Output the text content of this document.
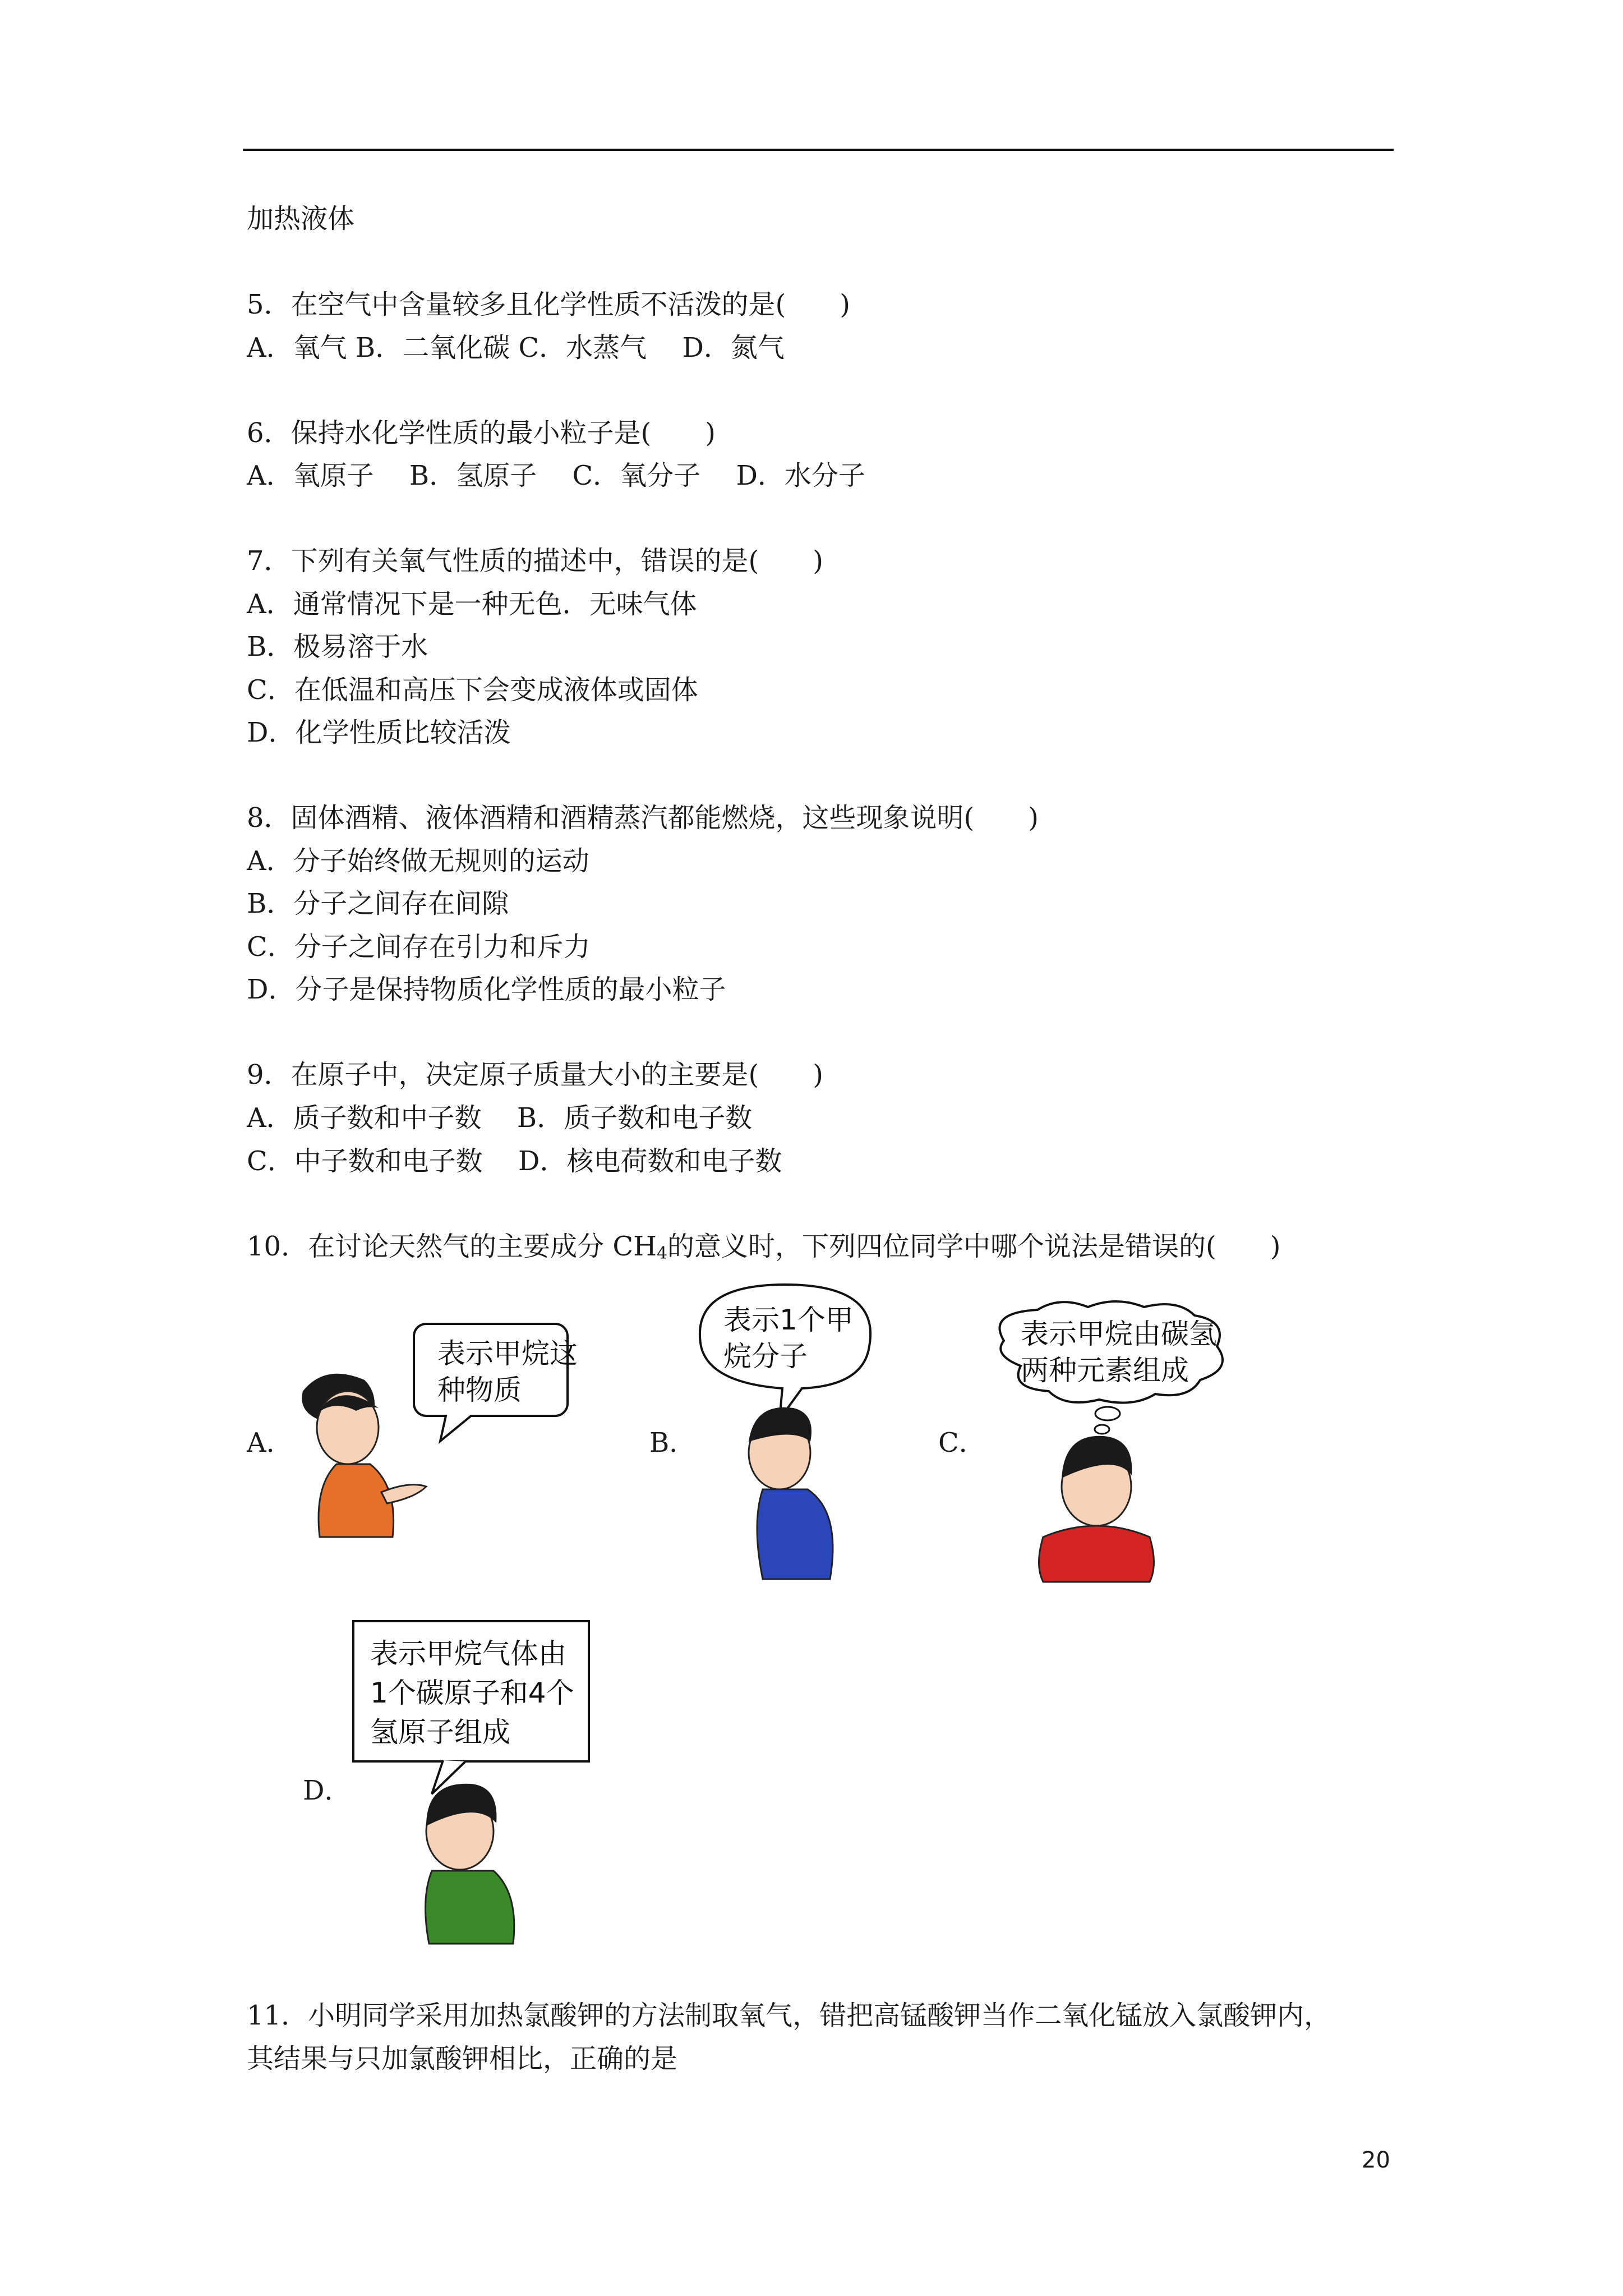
加热液体
5．在空气中含量较多且化学性质不活泼的是(　　)
A．氧气 B．二氧化碳 C．水蒸气　 D．氮气
6．保持水化学性质的最小粒子是(　　)
A．氧原子　 B．氢原子　 C．氧分子　 D．水分子
7．下列有关氧气性质的描述中，错误的是(　　)
A．通常情况下是一种无色．无味气体
B．极易溶于水
C．在低温和高压下会变成液体或固体
D．化学性质比较活泼
8．固体酒精、液体酒精和酒精蒸汽都能燃烧，这些现象说明(　　)
A．分子始终做无规则的运动
B．分子之间存在间隙
C．分子之间存在引力和斥力
D．分子是保持物质化学性质的最小粒子
9．在原子中，决定原子质量大小的主要是(　　)
A．质子数和中子数　 B．质子数和电子数
C．中子数和电子数　 D．核电荷数和电子数
10．在讨论天然气的主要成分 $CH_4$的意义时，下列四位同学中哪个说法是错误的(　　)
A．	B．	C．
D．
表示甲烷这
种物质
表示1个甲
烷分子
表示甲烷由碳氢
两种元素组成
表示甲烷气体由
1个碳原子和4个
氢原子组成
11．小明同学采用加热氯酸钾的方法制取氧气，错把高锰酸钾当作二氧化锰放入氯酸钾内，
其结果与只加氯酸钾相比，正确的是
20
